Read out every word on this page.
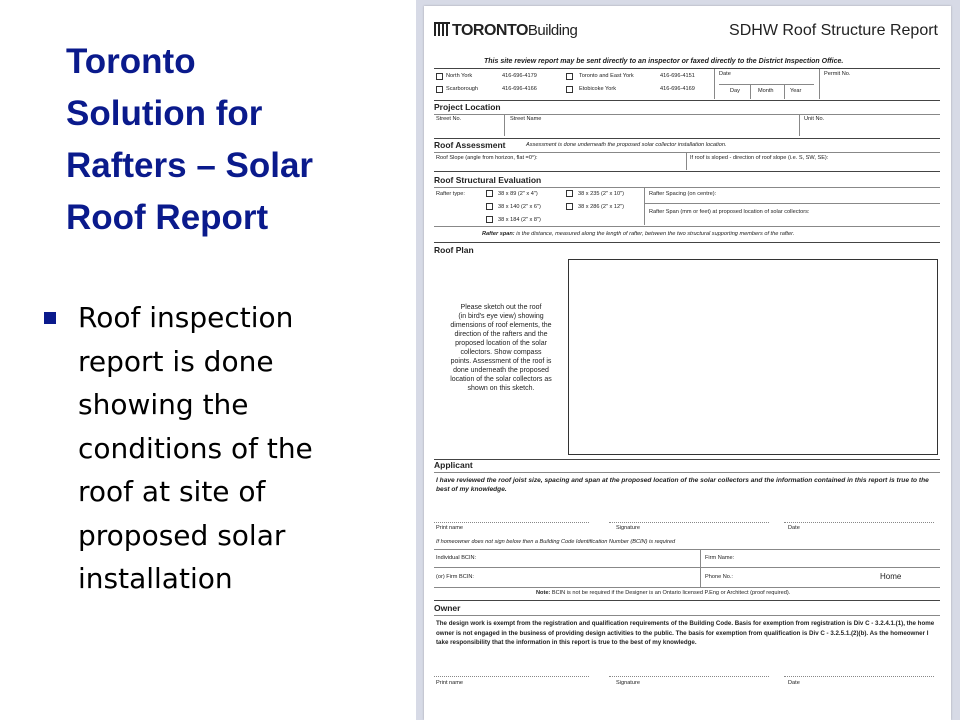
Toronto
Solution for
Rafters – Solar
Roof Report
Roof inspection
report is done
showing the
conditions of the
roof at site of
proposed solar
installation
TORONTOBuilding	SDHW Roof Structure Report
This site review report may be sent directly to an inspector or faxed directly to the District Inspection Office.
North York	416-696-4179	Toronto and East York	416-696-4151
Scarborough	416-696-4166	Etobicoke York	416-696-4169
Date	Permit No.
Day	Month	Year
Project Location
Street No.	Street Name	Unit No.
Roof Assessment	Assessment is done underneath the proposed solar collector installation location.
Roof Slope (angle from horizon, flat =0°):	If roof is sloped - direction of roof slope (i.e. S, SW, SE):
Roof Structural Evaluation
Rafter type:	38 x 89 (2" x 4")
38 x 140 (2" x 6")
38 x 184 (2" x 8")
38 x 235 (2" x 10")
38 x 286 (2" x 12")
Rafter Spacing (on centre):
Rafter Span (mm or feet) at proposed location of solar collectors:
Rafter span: is the distance, measured along the length of rafter, between the two structural supporting members of the rafter.
Roof Plan
Please sketch out the roof
(in bird's eye view) showing
dimensions of roof elements, the
direction of the rafters and the
proposed location of the solar
collectors. Show compass
points. Assessment of the roof is
done underneath the proposed
location of the solar collectors as
shown on this sketch.
Applicant
I have reviewed the roof joist size, spacing and span at the proposed location of the solar collectors and the information contained in this report is true to the best of my knowledge.
Print name	Signature	Date
If homeowner does not sign below then a Building Code Identification Number (BCIN) is required
Individual BCIN:	Firm Name:
(or) Firm BCIN:	Phone No.:	Home
Note: BCIN is not be required if the Designer is an Ontario licensed P.Eng or Architect (proof required).
Owner
The design work is exempt from the registration and qualification requirements of the Building Code. Basis for exemption from registration is Div C - 3.2.4.1.(1), the home owner is not engaged in the business of providing design activities to the public. The basis for exemption from qualification is Div C - 3.2.5.1.(2)(b). As the homeowner I take responsibility that the information in this report is true to the best of my knowledge.
Print name	Signature	Date
